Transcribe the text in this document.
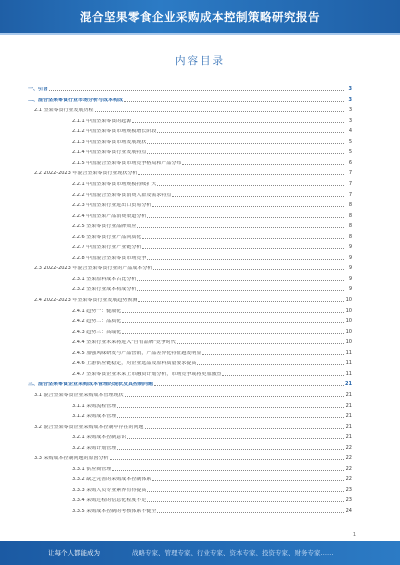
混合坚果零食企业采购成本控制策略研究报告
内容目录
一、引言	3
二、混合坚果零食行业市场分析与成本构成	3
2.1 坚果零食行业发展历程	3
2.1.1 中国坚果零食的起源	3
2.1.2 中国坚果零食市场规模增长阶段	4
2.1.3 中国坚果零食市场发展现状	5
2.1.4 中国坚果零食行业发展特点	5
2.1.5 中国混合坚果零食市场竞争格局和产品分布	6
2.2 2022-2023 年混合坚果零食行业现状分析	7
2.2.1 中国坚果零食市场规模持续扩大	7
2.2.2 中国混合坚果零食消费人群及需求特点	7
2.2.3 中国坚果行业进出口贸易分析	8
2.2.4 中国坚果产品消费渠道分析	8
2.2.5 坚果零食行业品牌效应	8
2.2.6 坚果零食行业产品同质化	8
2.2.7 中国坚果行业产业链分析	9
2.2.8 中国混合坚果零食市场竞争	9
2.3 2022-2023 年混合坚果零食行业的产品成本分析	9
2.3.1 坚果原料成本占比分析	9
2.3.2 坚果行业成本构成分析	9
2.4 2022-2023 年坚果零食行业发展趋势预测	10
2.4.1 趋势一：健康化	10
2.4.2 趋势二：品质化	10
2.4.3 趋势三：高端化	10
2.4.4 坚果行业未来将进入"自有品牌"竞争时代	10
2.4.5 加强风味研发与产品营销，产品差异化特征越发明显	11
2.4.6 上游供应链稳定，对企业选品及原料质量要求提高	11
2.4.7 坚果零食企业未来上市融资计划分析，市场竞争或将更加激烈	11
三、混合坚果零食企业采购成本管理的现状及其控制问题	21
3.1 混合坚果零食企业采购成本管理现状	21
3.1.1 采购流程管理	21
3.1.2 采购成本管理	21
3.2 混合坚果零食企业采购成本控制中存在的问题	21
3.2.1 采购成本控制意识	21
3.2.2 采购计划管理	22
3.3 采购成本控制问题的原因分析	22
3.3.1 供应商管理	22
3.3.2 缺乏完善的采购成本控制体系	22
3.3.3 采购人员专业素养有待提高	23
3.3.4 采购过程的信息化程度不足	23
3.3.5 采购成本控制的考核体系不健全	24
1
让每个人都能成为	战略专家、管理专家、行业专家、资本专家、投资专家、财务专家……
